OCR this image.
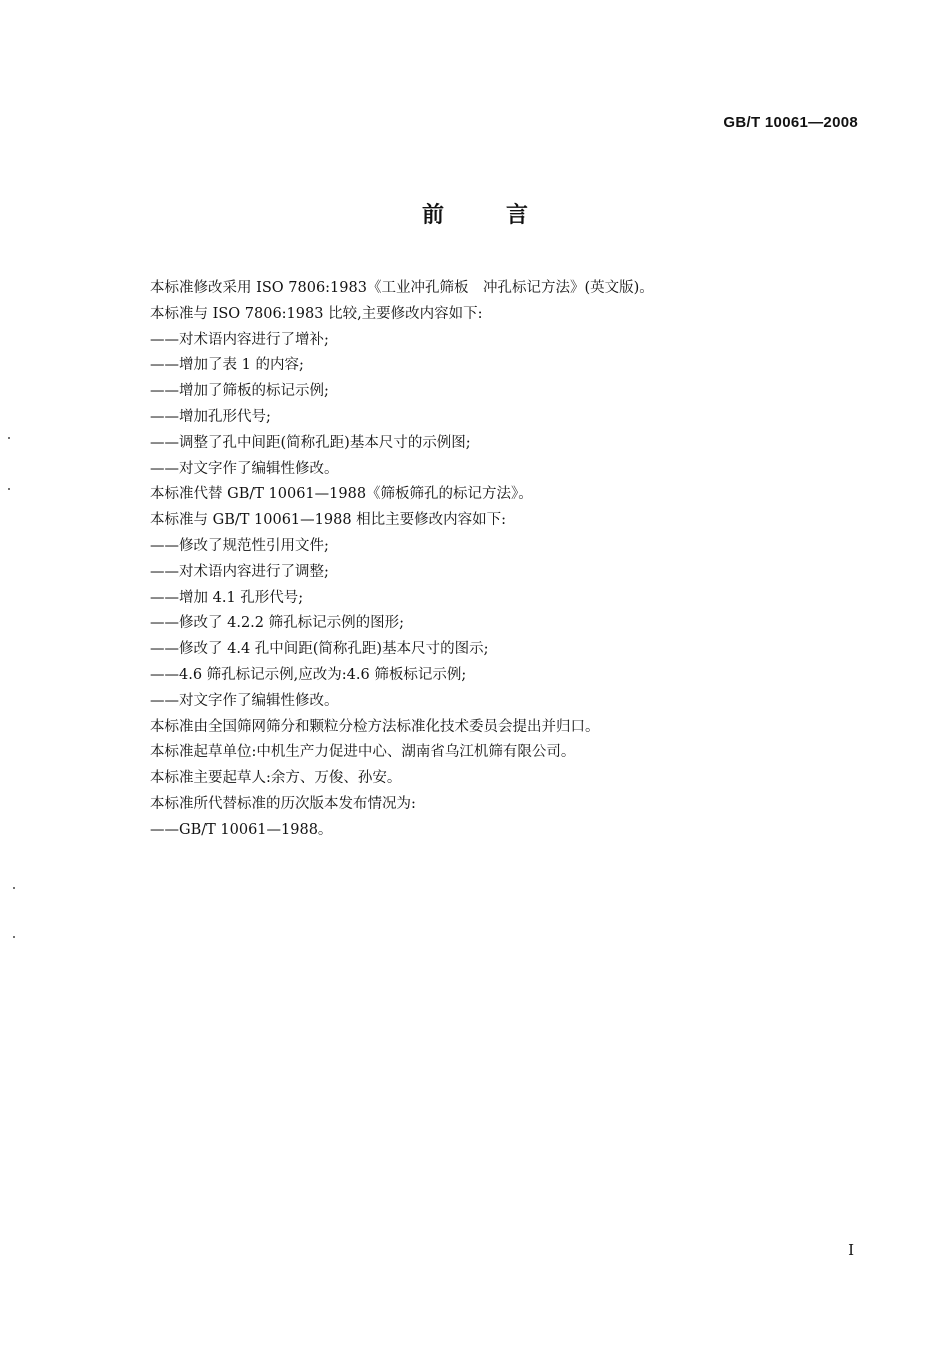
GB/T 10061—2008
前言
本标准修改采用 ISO 7806:1983《工业冲孔筛板　冲孔标记方法》(英文版)。
本标准与 ISO 7806:1983 比较,主要修改内容如下:
——对术语内容进行了增补;
——增加了表 1 的内容;
——增加了筛板的标记示例;
——增加孔形代号;
——调整了孔中间距(简称孔距)基本尺寸的示例图;
——对文字作了编辑性修改。
本标准代替 GB/T 10061—1988《筛板筛孔的标记方法》。
本标准与 GB/T 10061—1988 相比主要修改内容如下:
——修改了规范性引用文件;
——对术语内容进行了调整;
——增加 4.1 孔形代号;
——修改了 4.2.2 筛孔标记示例的图形;
——修改了 4.4 孔中间距(简称孔距)基本尺寸的图示;
——4.6 筛孔标记示例,应改为:4.6 筛板标记示例;
——对文字作了编辑性修改。
本标准由全国筛网筛分和颗粒分检方法标准化技术委员会提出并归口。
本标准起草单位:中机生产力促进中心、湖南省乌江机筛有限公司。
本标准主要起草人:余方、万俊、孙安。
本标准所代替标准的历次版本发布情况为:
——GB/T 10061—1988。
I
